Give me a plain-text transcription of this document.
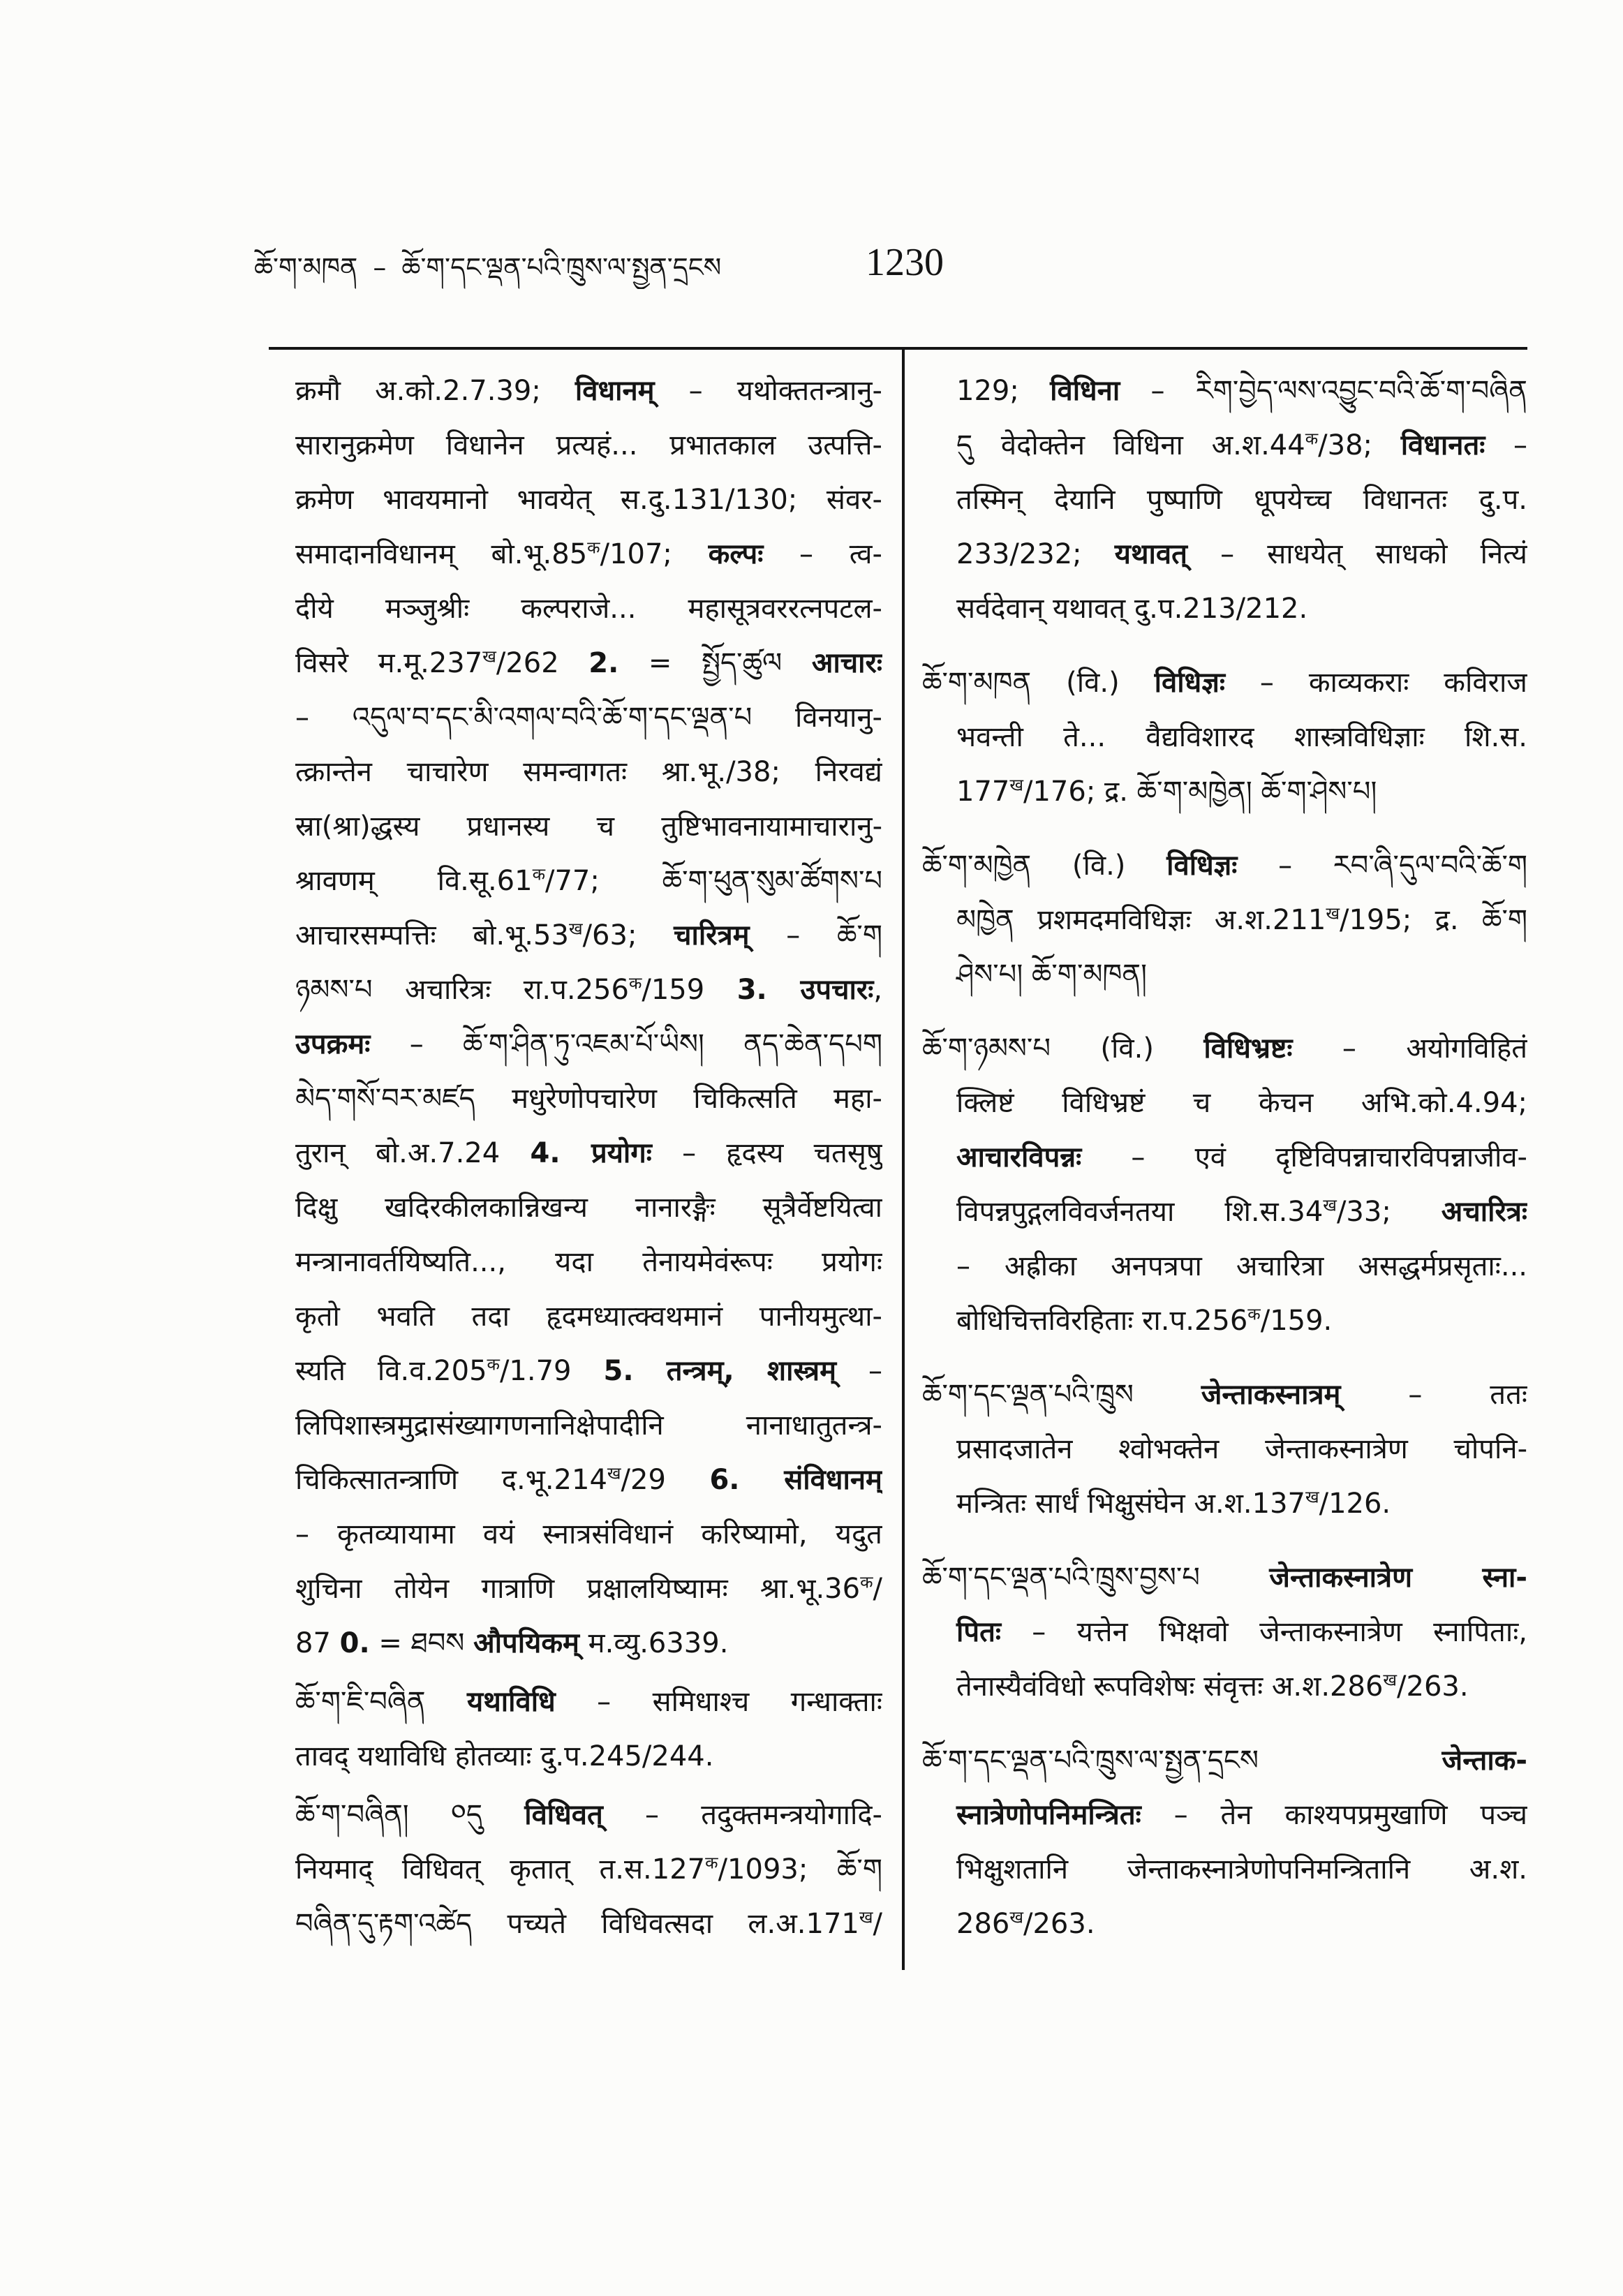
ཆོ་ག་མཁན – ཆོ་ག་དང་ལྡན་པའི་ཁྲུས་ལ་སྤྱན་དྲངས	1230
क्रमौ अ.को.2.7.39; विधानम् – यथोक्ततन्त्रानु-
सारानुक्रमेण विधानेन प्रत्यहं... प्रभातकाल उत्पत्ति-
क्रमेण भावयमानो भावयेत् स.दु.131/130; संवर-
समादानविधानम् $बो.भू.85^क/107$; कल्पः – त्व-
दीये मञ्जुश्रीः कल्पराजे... महासूत्रवररत्नपटल-
विसरे $म.मू.237^ख/262$ 2. = སྤྱོད་ཚུལ आचारः
– འདུལ་བ་དང་མི་འགལ་བའི་ཆོ་ག་དང་ལྡན་པ विनयानु-
त्क्रान्तेन चाचारेण समन्वागतः श्रा.भू./38; निरवद्यं
स्रा(श्रा)द्धस्य प्रधानस्य च तुष्टिभावनायामाचारानु-
श्रावणम् $वि.सू.61^क/77$; ཆོ་ག་ཕུན་སུམ་ཚོགས་པ
आचारसम्पत्तिः $बो.भू.53^ख/63$; चारित्रम् – ཆོ་ག
ཉམས་པ अचारित्रः $रा.प.256^क/159$ 3. उपचारः,
उपक्रमः – ཆོ་ག་ཤིན་ཏུ་འཇམ་པོ་ཡིས། ནད་ཆེན་དཔག
མེད་གསོ་བར་མཛད मधुरेणोपचारेण चिकित्सति महा-
तुरान् बो.अ.7.24 4. प्रयोगः – हृदस्य चतसृषु
दिक्षु खदिरकीलकान्निखन्य नानारङ्गैः सूत्रैर्वेष्टयित्वा
मन्त्रानावर्तयिष्यति..., यदा तेनायमेवंरूपः प्रयोगः
कृतो भवति तदा हृदमध्यात्क्वथमानं पानीयमुत्था-
स्यति $वि.व.205^क/1.79$ 5. तन्त्रम्, शास्त्रम् –
लिपिशास्त्रमुद्रासंख्यागणनानिक्षेपादीनि नानाधातुतन्त्र-
चिकित्सातन्त्राणि $द.भू.214^ख/29$ 6. संविधानम्
– कृतव्यायामा वयं स्नात्रसंविधानं करिष्यामो, यदुत
शुचिना तोयेन गात्राणि प्रक्षालयिष्यामः $श्रा.भू.36^क/$
87 0. = ཐབས औपयिकम् म.व्यु.6339.
ཆོ་ག་ཇི་བཞིན यथाविधि – समिधाश्च गन्धाक्ताः
तावद् यथाविधि होतव्याः दु.प.245/244.
ཆོ་ག་བཞིན། ༠དུ विधिवत् – तदुक्तमन्त्रयोगादि-
नियमाद् विधिवत् कृतात् $त.स.127^क/1093$; ཆོ་ག
བཞིན་དུ་རྟག་འཚེད पच्यते विधिवत्सदा $ल.अ.171^ख/$
129; विधिना – རིག་བྱེད་ལས་འབྱུང་བའི་ཆོ་ག་བཞིན
དུ वेदोक्तेन विधिना $अ.श.44^क/38$; विधानतः –
तस्मिन् देयानि पुष्पाणि धूपयेच्च विधानतः दु.प.
233/232; यथावत् – साधयेत् साधको नित्यं
सर्वदेवान् यथावत् दु.प.213/212.
ཆོ་ག་མཁན (वि.) विधिज्ञः – काव्यकराः कविराज
भवन्ती ते... वैद्यविशारद शास्त्रविधिज्ञाः शि.स.
$177^ख/176$; द्र. ཆོ་ག་མཁྱེན། ཆོ་ག་ཤེས་པ།
ཆོ་ག་མཁྱེན (वि.) विधिज्ञः – རབ་ཞི་དུལ་བའི་ཆོ་ག
མཁྱེན प्रशमदमविधिज्ञः $अ.श.211^ख/195$; द्र. ཆོ་ག
ཤེས་པ། ཆོ་ག་མཁན།
ཆོ་ག་ཉམས་པ (वि.) विधिभ्रष्टः – अयोगविहितं
क्लिष्टं विधिभ्रष्टं च केचन अभि.को.4.94;
आचारविपन्नः – एवं दृष्टिविपन्नाचारविपन्नाजीव-
विपन्नपुद्गलविवर्जनतया $शि.स.34^ख/33$; अचारित्रः
– अह्रीका अनपत्रपा अचारित्रा असद्धर्मप्रसृताः...
बोधिचित्तविरहिताः $रा.प.256^क/159$.
ཆོ་ག་དང་ལྡན་པའི་ཁྲུས जेन्ताकस्नात्रम् – ततः
प्रसादजातेन श्वोभक्तेन जेन्ताकस्नात्रेण चोपनि-
मन्त्रितः सार्धं भिक्षुसंघेन $अ.श.137^ख/126$.
ཆོ་ག་དང་ལྡན་པའི་ཁྲུས་བྱས་པ जेन्ताकस्नात्रेण स्ना-
पितः – यत्तेन भिक्षवो जेन्ताकस्नात्रेण स्नापिताः,
तेनास्यैवंविधो रूपविशेषः संवृत्तः $अ.श.286^ख/263$.
ཆོ་ག་དང་ལྡན་པའི་ཁྲུས་ལ་སྤྱན་དྲངས जेन्ताक-
स्नात्रेणोपनिमन्त्रितः – तेन काश्यपप्रमुखाणि पञ्च
भिक्षुशतानि जेन्ताकस्नात्रेणोपनिमन्त्रितानि अ.श.
$286^ख/263$.
